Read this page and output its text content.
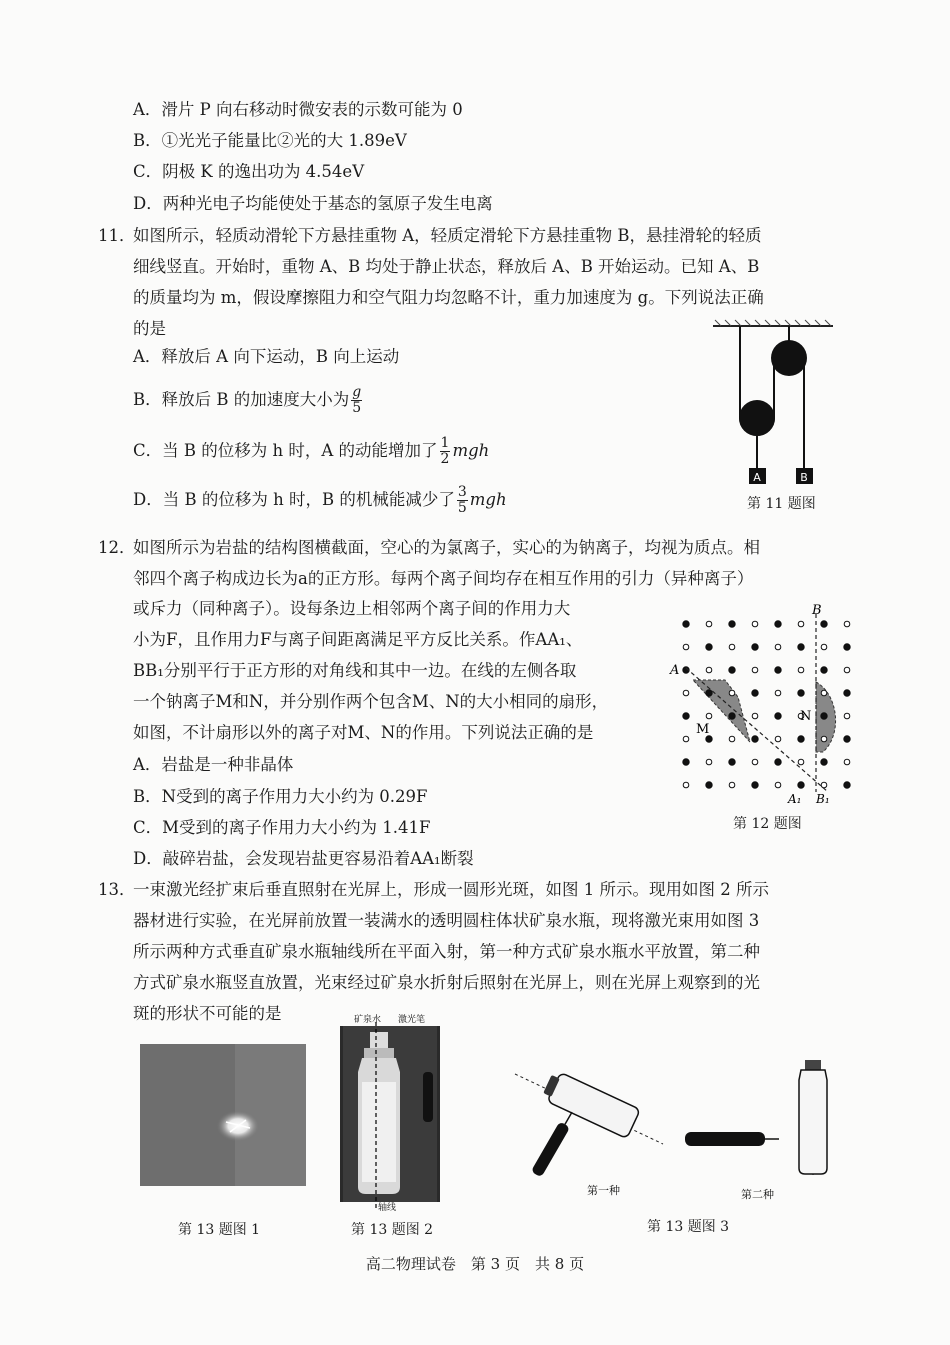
A．滑片 P 向右移动时微安表的示数可能为 0
B．①光光子能量比②光的大 1.89eV
C．阴极 K 的逸出功为 4.54eV
D．两种光电子均能使处于基态的氢原子发生电离
11．
如图所示，轻质动滑轮下方悬挂重物 A，轻质定滑轮下方悬挂重物 B，悬挂滑轮的轻质
细线竖直。开始时，重物 A、B 均处于静止状态，释放后 A、B 开始运动。已知 A、B
的质量均为 m，假设摩擦阻力和空气阻力均忽略不计，重力加速度为 g。下列说法正确
的是
A．释放后 A 向下运动，B 向上运动
B．释放后 B 的加速度大小为 $\frac{g}{5}$
C．当 B 的位移为 h 时，A 的动能增加了 $\frac{1}{2}$ mgh
D．当 B 的位移为 h 时，B 的机械能减少了 $\frac{3}{5}$ mgh
A	B
第 11 题图
12．
如图所示为岩盐的结构图横截面，空心的为氯离子，实心的为钠离子，均视为质点。相
邻四个离子构成边长为a的正方形。每两个离子间均存在相互作用的引力（异种离子）
或斥力（同种离子）。设每条边上相邻两个离子间的作用力大
小为F，且作用力F与离子间距离满足平方反比关系。作AA₁、
BB₁分别平行于正方形的对角线和其中一边。在线的左侧各取
一个钠离子M和N，并分别作两个包含M、N的大小相同的扇形，
如图，不计扇形以外的离子对M、N的作用。下列说法正确的是
A．岩盐是一种非晶体
B．N受到的离子作用力大小约为 0.29F
C．M受到的离子作用力大小约为 1.41F
D．敲碎岩盐，会发现岩盐更容易沿着AA₁断裂
B
A
M
N
B₁
A₁
第 12 题图
13．
一束激光经扩束后垂直照射在光屏上，形成一圆形光斑，如图 1 所示。现用如图 2 所示
器材进行实验，在光屏前放置一装满水的透明圆柱体状矿泉水瓶，现将激光束用如图 3
所示两种方式垂直矿泉水瓶轴线所在平面入射，第一种方式矿泉水瓶水平放置，第二种
方式矿泉水瓶竖直放置，光束经过矿泉水折射后照射在光屏上，则在光屏上观察到的光
斑的形状不可能的是
第 13 题图 1
矿泉水 激光笔
轴线
第 13 题图 2
第一种	第二种
第 13 题图 3
高二物理试卷　第 3 页　共 8 页
